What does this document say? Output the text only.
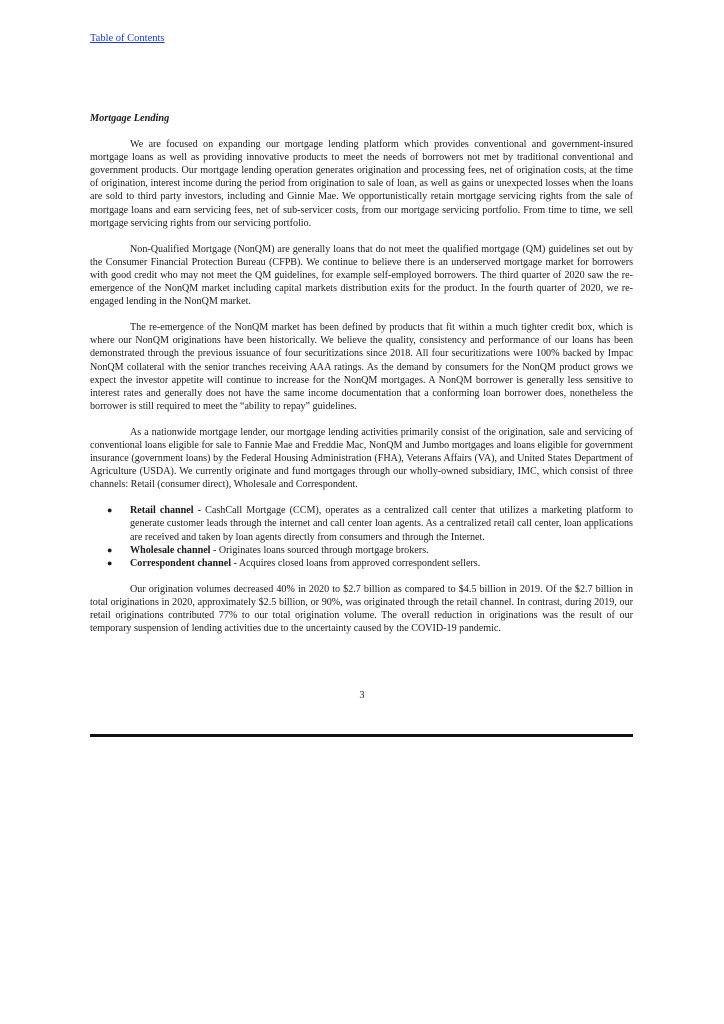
Table of Contents
Mortgage Lending

We are focused on expanding our mortgage lending platform which provides conventional and government-insured mortgage loans as well as providing innovative products to meet the needs of borrowers not met by traditional conventional and government products. Our mortgage lending operation generates origination and processing fees, net of origination costs, at the time of origination, interest income during the period from origination to sale of loan, as well as gains or unexpected losses when the loans are sold to third party investors, including and Ginnie Mae. We opportunistically retain mortgage servicing rights from the sale of mortgage loans and earn servicing fees, net of sub-servicer costs, from our mortgage servicing portfolio. From time to time, we sell mortgage servicing rights from our servicing portfolio.

Non-Qualified Mortgage (NonQM) are generally loans that do not meet the qualified mortgage (QM) guidelines set out by the Consumer Financial Protection Bureau (CFPB). We continue to believe there is an underserved mortgage market for borrowers with good credit who may not meet the QM guidelines, for example self-employed borrowers. The third quarter of 2020 saw the re-emergence of the NonQM market including capital markets distribution exits for the product. In the fourth quarter of 2020, we re-engaged lending in the NonQM market.

The re-emergence of the NonQM market has been defined by products that fit within a much tighter credit box, which is where our NonQM originations have been historically. We believe the quality, consistency and performance of our loans has been demonstrated through the previous issuance of four securitizations since 2018. All four securitizations were 100% backed by Impac NonQM collateral with the senior tranches receiving AAA ratings. As the demand by consumers for the NonQM product grows we expect the investor appetite will continue to increase for the NonQM mortgages. A NonQM borrower is generally less sensitive to interest rates and generally does not have the same income documentation that a conforming loan borrower does, nonetheless the borrower is still required to meet the “ability to repay” guidelines.

As a nationwide mortgage lender, our mortgage lending activities primarily consist of the origination, sale and servicing of conventional loans eligible for sale to Fannie Mae and Freddie Mac, NonQM and Jumbo mortgages and loans eligible for government insurance (government loans) by the Federal Housing Administration (FHA), Veterans Affairs (VA), and United States Department of Agriculture (USDA). We currently originate and fund mortgages through our wholly-owned subsidiary, IMC, which consist of three channels: Retail (consumer direct), Wholesale and Correspondent.

● Retail channel - CashCall Mortgage (CCM), operates as a centralized call center that utilizes a marketing platform to generate customer leads through the internet and call center loan agents. As a centralized retail call center, loan applications are received and taken by loan agents directly from consumers and through the Internet.
● Wholesale channel - Originates loans sourced through mortgage brokers.
● Correspondent channel - Acquires closed loans from approved correspondent sellers.

Our origination volumes decreased 40% in 2020 to $2.7 billion as compared to $4.5 billion in 2019. Of the $2.7 billion in total originations in 2020, approximately $2.5 billion, or 90%, was originated through the retail channel. In contrast, during 2019, our retail originations contributed 77% to our total origination volume. The overall reduction in originations was the result of our temporary suspension of lending activities due to the uncertainty caused by the COVID-19 pandemic.

3
